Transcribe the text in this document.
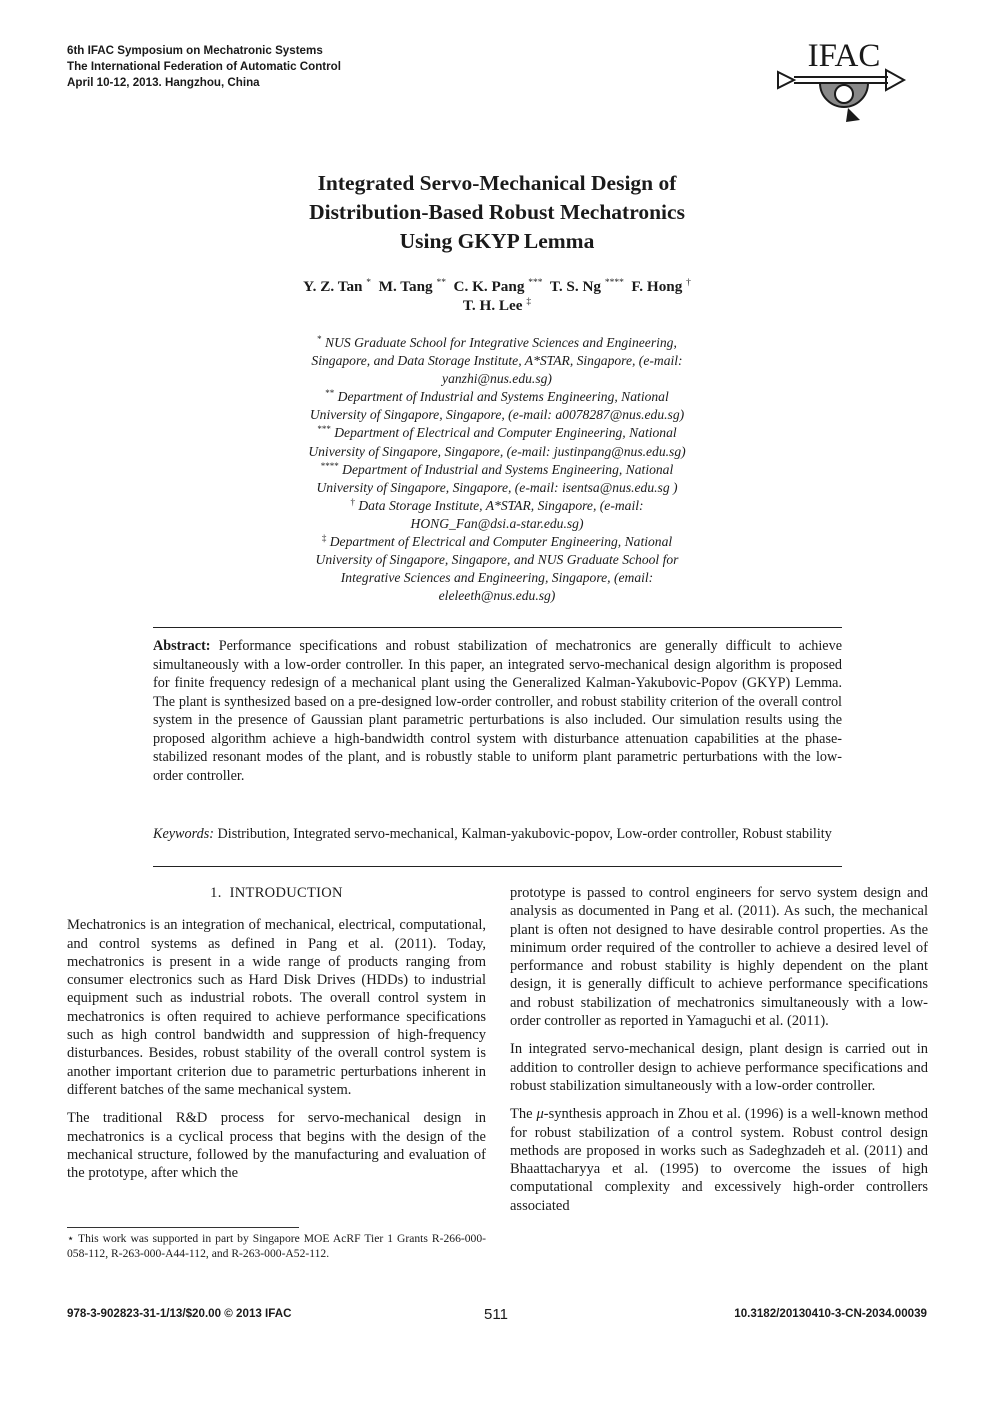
6th IFAC Symposium on Mechatronic Systems
The International Federation of Automatic Control
April 10-12, 2013. Hangzhou, China
IFAC
Integrated Servo-Mechanical Design of
Distribution-Based Robust Mechatronics
Using GKYP Lemma
Y. Z. Tan * M. Tang ** C. K. Pang *** T. S. Ng **** F. Hong †
T. H. Lee ‡
* NUS Graduate School for Integrative Sciences and Engineering,
Singapore, and Data Storage Institute, A*STAR, Singapore, (e-mail:
yanzhi@nus.edu.sg)
** Department of Industrial and Systems Engineering, National
University of Singapore, Singapore, (e-mail: a0078287@nus.edu.sg)
*** Department of Electrical and Computer Engineering, National
University of Singapore, Singapore, (e-mail: justinpang@nus.edu.sg)
**** Department of Industrial and Systems Engineering, National
University of Singapore, Singapore, (e-mail: isentsa@nus.edu.sg )
† Data Storage Institute, A*STAR, Singapore, (e-mail:
HONG_Fan@dsi.a-star.edu.sg)
‡ Department of Electrical and Computer Engineering, National
University of Singapore, Singapore, and NUS Graduate School for
Integrative Sciences and Engineering, Singapore, (email:
eleleeth@nus.edu.sg)
Abstract: Performance specifications and robust stabilization of mechatronics are generally difficult to achieve simultaneously with a low-order controller. In this paper, an integrated servo-mechanical design algorithm is proposed for finite frequency redesign of a mechanical plant using the Generalized Kalman-Yakubovic-Popov (GKYP) Lemma. The plant is synthesized based on a pre-designed low-order controller, and robust stability criterion of the overall control system in the presence of Gaussian plant parametric perturbations is also included. Our simulation results using the proposed algorithm achieve a high-bandwidth control system with disturbance attenuation capabilities at the phase-stabilized resonant modes of the plant, and is robustly stable to uniform plant parametric perturbations with the low-order controller.
Keywords: Distribution, Integrated servo-mechanical, Kalman-yakubovic-popov, Low-order controller, Robust stability
1. INTRODUCTION

Mechatronics is an integration of mechanical, electrical, computational, and control systems as defined in Pang et al. (2011). Today, mechatronics is present in a wide range of products ranging from consumer electronics such as Hard Disk Drives (HDDs) to industrial equipment such as industrial robots. The overall control system in mechatronics is often required to achieve performance specifications such as high control bandwidth and suppression of high-frequency disturbances. Besides, robust stability of the overall control system is another important criterion due to parametric perturbations inherent in different batches of the same mechanical system.

The traditional R&D process for servo-mechanical design in mechatronics is a cyclical process that begins with the design of the mechanical structure, followed by the manufacturing and evaluation of the prototype, after which the

⋆ This work was supported in part by Singapore MOE AcRF Tier 1 Grants R-266-000-058-112, R-263-000-A44-112, and R-263-000-A52-112.

prototype is passed to control engineers for servo system design and analysis as documented in Pang et al. (2011). As such, the mechanical plant is often not designed to have desirable control properties. As the minimum order required of the controller to achieve a desired level of performance and robust stability is highly dependent on the plant design, it is generally difficult to achieve performance specifications and robust stabilization of mechatronics simultaneously with a low-order controller as reported in Yamaguchi et al. (2011).

In integrated servo-mechanical design, plant design is carried out in addition to controller design to achieve performance specifications and robust stabilization simultaneously with a low-order controller.

The μ-synthesis approach in Zhou et al. (1996) is a well-known method for robust stabilization of a control system. Robust control design methods are proposed in works such as Sadeghzadeh et al. (2011) and Bhaattacharyya et al. (1995) to overcome the issues of high computational complexity and excessively high-order controllers associated

978-3-902823-31-1/13/$20.00 © 2013 IFAC	511	10.3182/20130410-3-CN-2034.00039
